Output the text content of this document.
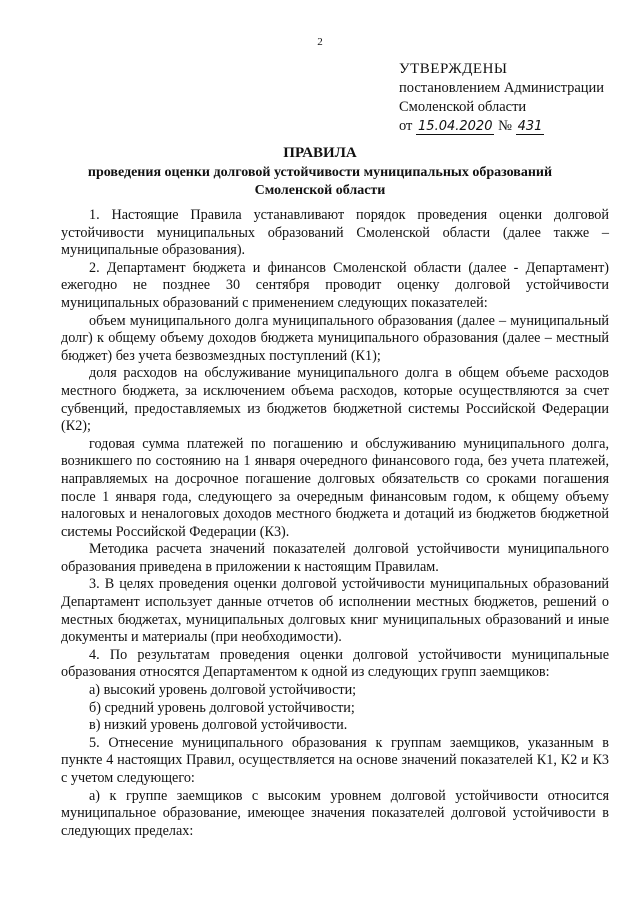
2
УТВЕРЖДЕНЫ
постановлением Администрации
Смоленской области
от 15.04.2020 № 431
ПРАВИЛА
проведения оценки долговой устойчивости муниципальных образований Смоленской области

1. Настоящие Правила устанавливают порядок проведения оценки долговой устойчивости муниципальных образований Смоленской области (далее также – муниципальные образования).

2. Департамент бюджета и финансов Смоленской области (далее - Департамент) ежегодно не позднее 30 сентября проводит оценку долговой устойчивости муниципальных образований с применением следующих показателей:

объем муниципального долга муниципального образования (далее – муниципальный долг) к общему объему доходов бюджета муниципального образования (далее – местный бюджет) без учета безвозмездных поступлений (К1);

доля расходов на обслуживание муниципального долга в общем объеме расходов местного бюджета, за исключением объема расходов, которые осуществляются за счет субвенций, предоставляемых из бюджетов бюджетной системы Российской Федерации (К2);

годовая сумма платежей по погашению и обслуживанию муниципального долга, возникшего по состоянию на 1 января очередного финансового года, без учета платежей, направляемых на досрочное погашение долговых обязательств со сроками погашения после 1 января года, следующего за очередным финансовым годом, к общему объему налоговых и неналоговых доходов местного бюджета и дотаций из бюджетов бюджетной системы Российской Федерации (К3).

Методика расчета значений показателей долговой устойчивости муниципального образования приведена в приложении к настоящим Правилам.

3. В целях проведения оценки долговой устойчивости муниципальных образований Департамент использует данные отчетов об исполнении местных бюджетов, решений о местных бюджетах, муниципальных долговых книг муниципальных образований и иные документы и материалы (при необходимости).

4. По результатам проведения оценки долговой устойчивости муниципальные образования относятся Департаментом к одной из следующих групп заемщиков:

а) высокий уровень долговой устойчивости;

б) средний уровень долговой устойчивости;

в) низкий уровень долговой устойчивости.

5. Отнесение муниципального образования к группам заемщиков, указанным в пункте 4 настоящих Правил, осуществляется на основе значений показателей К1, К2 и К3 с учетом следующего:

а) к группе заемщиков с высоким уровнем долговой устойчивости относится муниципальное образование, имеющее значения показателей долговой устойчивости в следующих пределах:
